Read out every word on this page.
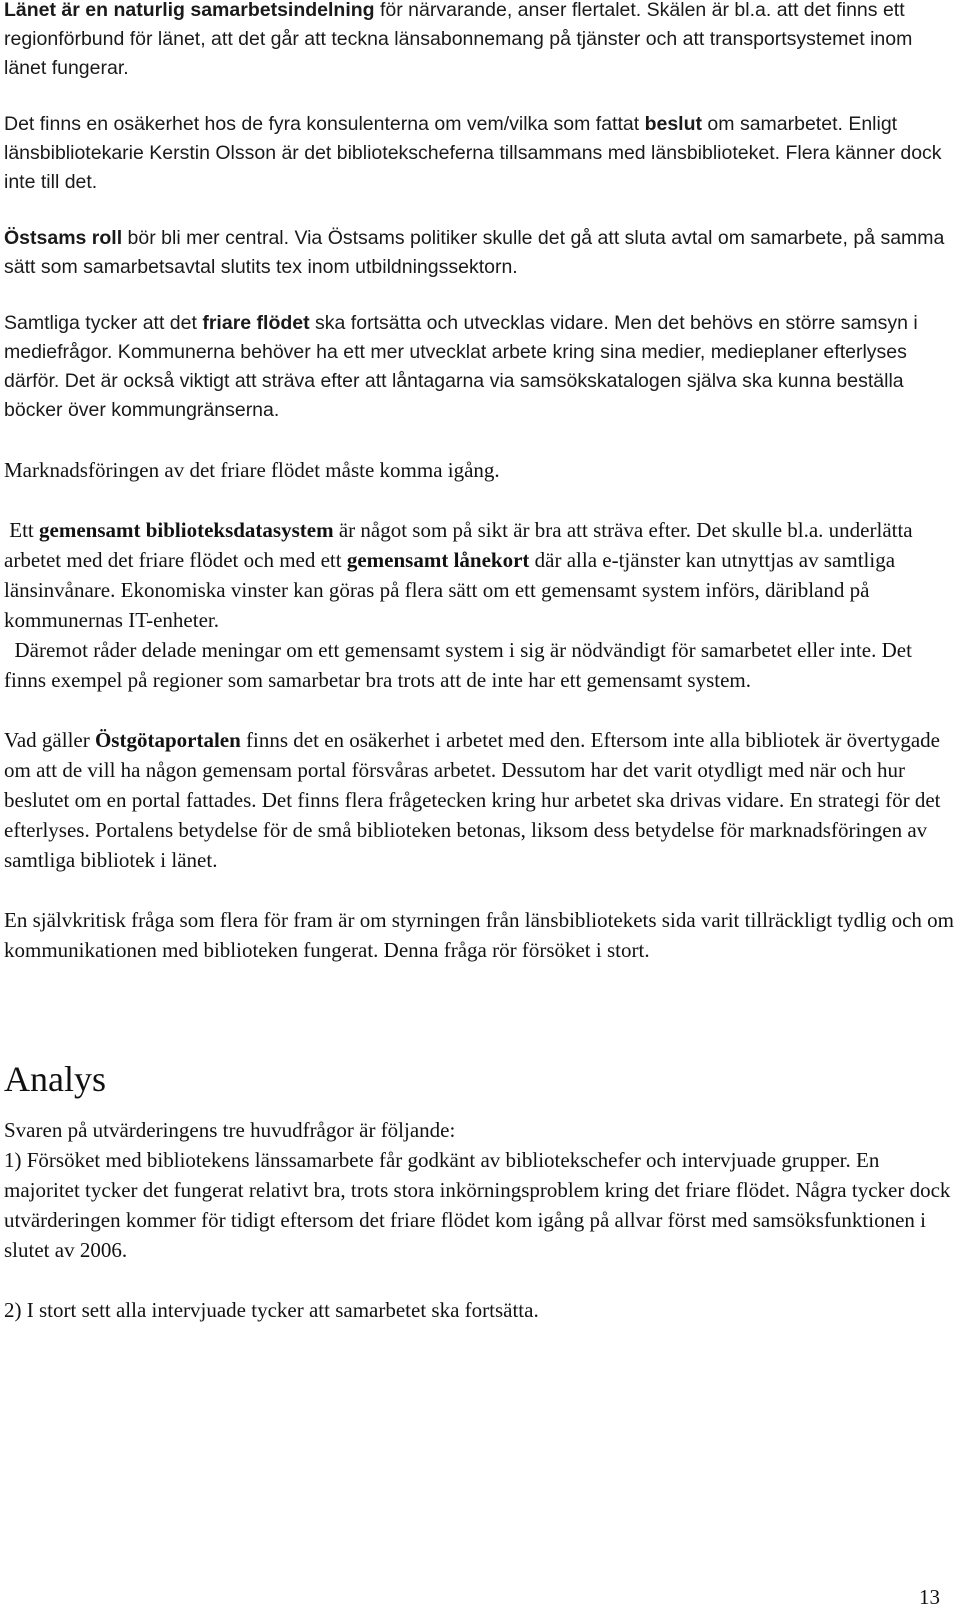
Länet är en naturlig samarbetsindelning för närvarande, anser flertalet. Skälen är bl.a. att det finns ett regionförbund för länet, att det går att teckna länsabonnemang på tjänster och att transportsystemet inom länet fungerar.

Det finns en osäkerhet hos de fyra konsulenterna om vem/vilka som fattat beslut om samarbetet. Enligt länsbibliotekarie Kerstin Olsson är det bibliotekscheferna tillsammans med länsbiblioteket. Flera känner dock inte till det.

Östsams roll bör bli mer central. Via Östsams politiker skulle det gå att sluta avtal om samarbete, på samma sätt som samarbetsavtal slutits tex inom utbildningssektorn.

Samtliga tycker att det friare flödet ska fortsätta och utvecklas vidare. Men det behövs en större samsyn i mediefrågor. Kommunerna behöver ha ett mer utvecklat arbete kring sina medier, medieplaner efterlyses därför. Det är också viktigt att sträva efter att låntagarna via samsökskatalogen själva ska kunna beställa böcker över kommungränserna.

Marknadsföringen av det friare flödet måste komma igång.

Ett gemensamt biblioteksdatasystem är något som på sikt är bra att sträva efter. Det skulle bl.a. underlätta arbetet med det friare flödet och med ett gemensamt lånekort där alla e-tjänster kan utnyttjas av samtliga länsinvånare. Ekonomiska vinster kan göras på flera sätt om ett gemensamt system införs, däribland på kommunernas IT-enheter.

Däremot råder delade meningar om ett gemensamt system i sig är nödvändigt för samarbetet eller inte. Det finns exempel på regioner som samarbetar bra trots att de inte har ett gemensamt system.

Vad gäller Östgötaportalen finns det en osäkerhet i arbetet med den. Eftersom inte alla bibliotek är övertygade om att de vill ha någon gemensam portal försvåras arbetet. Dessutom har det varit otydligt med när och hur beslutet om en portal fattades. Det finns flera frågetecken kring hur arbetet ska drivas vidare. En strategi för det efterlyses. Portalens betydelse för de små biblioteken betonas, liksom dess betydelse för marknadsföringen av samtliga bibliotek i länet.

En självkritisk fråga som flera för fram är om styrningen från länsbibliotekets sida varit tillräckligt tydlig och om kommunikationen med biblioteken fungerat. Denna fråga rör försöket i stort.

Analys

Svaren på utvärderingens tre huvudfrågor är följande:

1) Försöket med bibliotekens länssamarbete får godkänt av bibliotekschefer och intervjuade grupper. En majoritet tycker det fungerat relativt bra, trots stora inkörningsproblem kring det friare flödet. Några tycker dock utvärderingen kommer för tidigt eftersom det friare flödet kom igång på allvar först med samsöksfunktionen i slutet av 2006.

2) I stort sett alla intervjuade tycker att samarbetet ska fortsätta.

13
